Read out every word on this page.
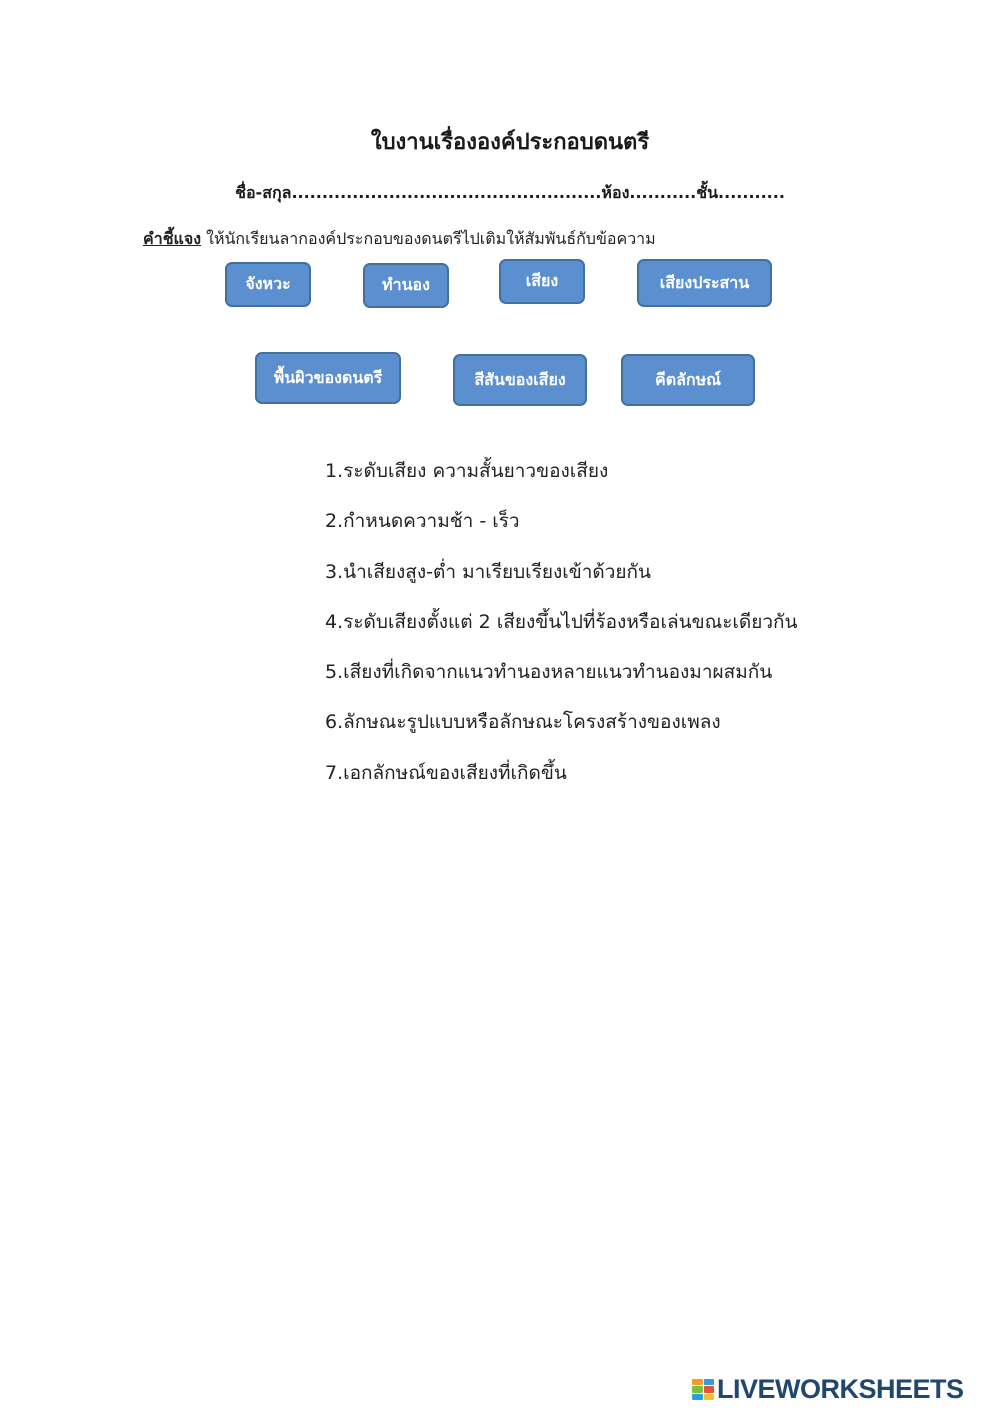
ใบงานเรื่ององค์ประกอบดนตรี
ชื่อ-สกุล...................................................ห้อง...........ชั้น...........
คำชี้แจง ให้นักเรียนลากองค์ประกอบของดนตรีไปเติมให้สัมพันธ์กับข้อความ
จังหวะ	ทำนอง	เสียง	เสียงประสาน
พื้นผิวของดนตรี	สีสันของเสียง	คีตลักษณ์
1.ระดับเสียง ความสั้นยาวของเสียง
2.กำหนดความช้า - เร็ว
3.นำเสียงสูง-ต่ำ มาเรียบเรียงเข้าด้วยกัน
4.ระดับเสียงตั้งแต่ 2 เสียงขึ้นไปที่ร้องหรือเล่นขณะเดียวกัน
5.เสียงที่เกิดจากแนวทำนองหลายแนวทำนองมาผสมกัน
6.ลักษณะรูปแบบหรือลักษณะโครงสร้างของเพลง
7.เอกลักษณ์ของเสียงที่เกิดขึ้น
LIVEWORKSHEETS
